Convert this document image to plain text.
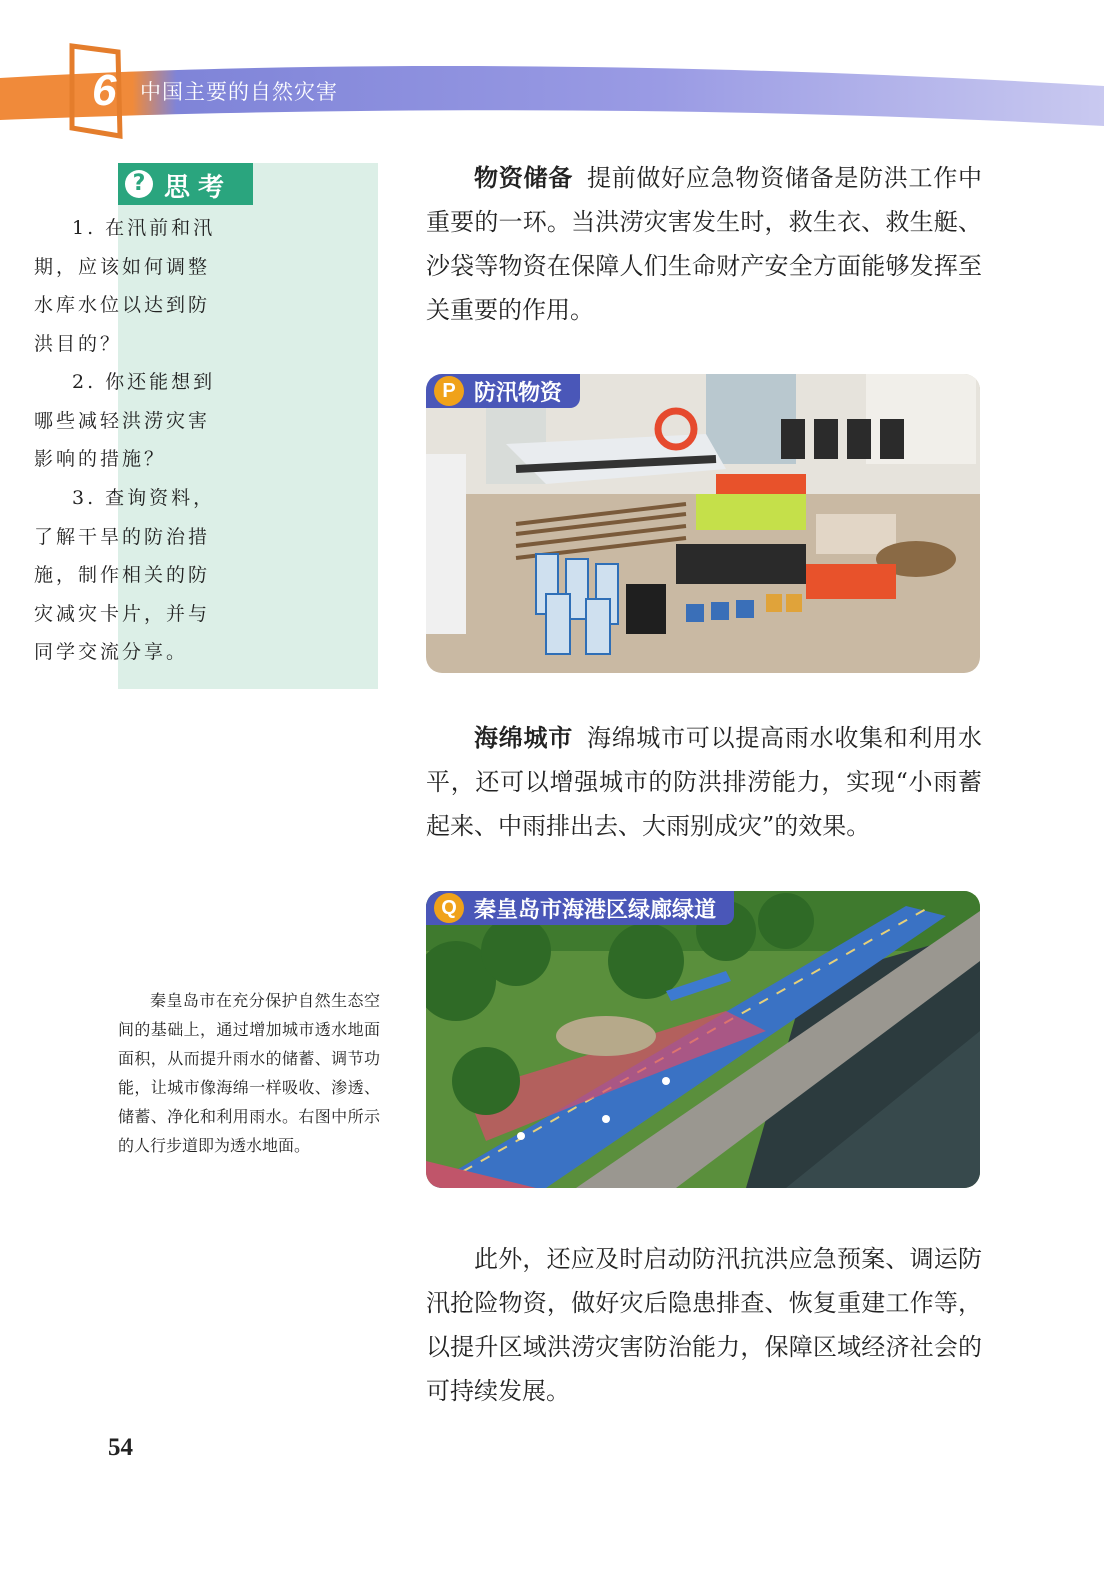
6	中国主要的自然灾害
? 思考
1. 在汛前和汛期，应该如何调整水库水位以达到防洪目的？
2. 你还能想到哪些减轻洪涝灾害影响的措施？
3. 查询资料，了解干旱的防治措施，制作相关的防灾减灾卡片，并与同学交流分享。
物资储备 提前做好应急物资储备是防洪工作中重要的一环。当洪涝灾害发生时，救生衣、救生艇、沙袋等物资在保障人们生命财产安全方面能够发挥至关重要的作用。
P 防汛物资
海绵城市 海绵城市可以提高雨水收集和利用水平，还可以增强城市的防洪排涝能力，实现“小雨蓄起来、中雨排出去、大雨别成灾”的效果。
Q 秦皇岛市海港区绿廊绿道
秦皇岛市在充分保护自然生态空间的基础上，通过增加城市透水地面面积，从而提升雨水的储蓄、调节功能，让城市像海绵一样吸收、渗透、储蓄、净化和利用雨水。右图中所示的人行步道即为透水地面。
此外，还应及时启动防汛抗洪应急预案、调运防汛抢险物资，做好灾后隐患排查、恢复重建工作等，以提升区域洪涝灾害防治能力，保障区域经济社会的可持续发展。
54
